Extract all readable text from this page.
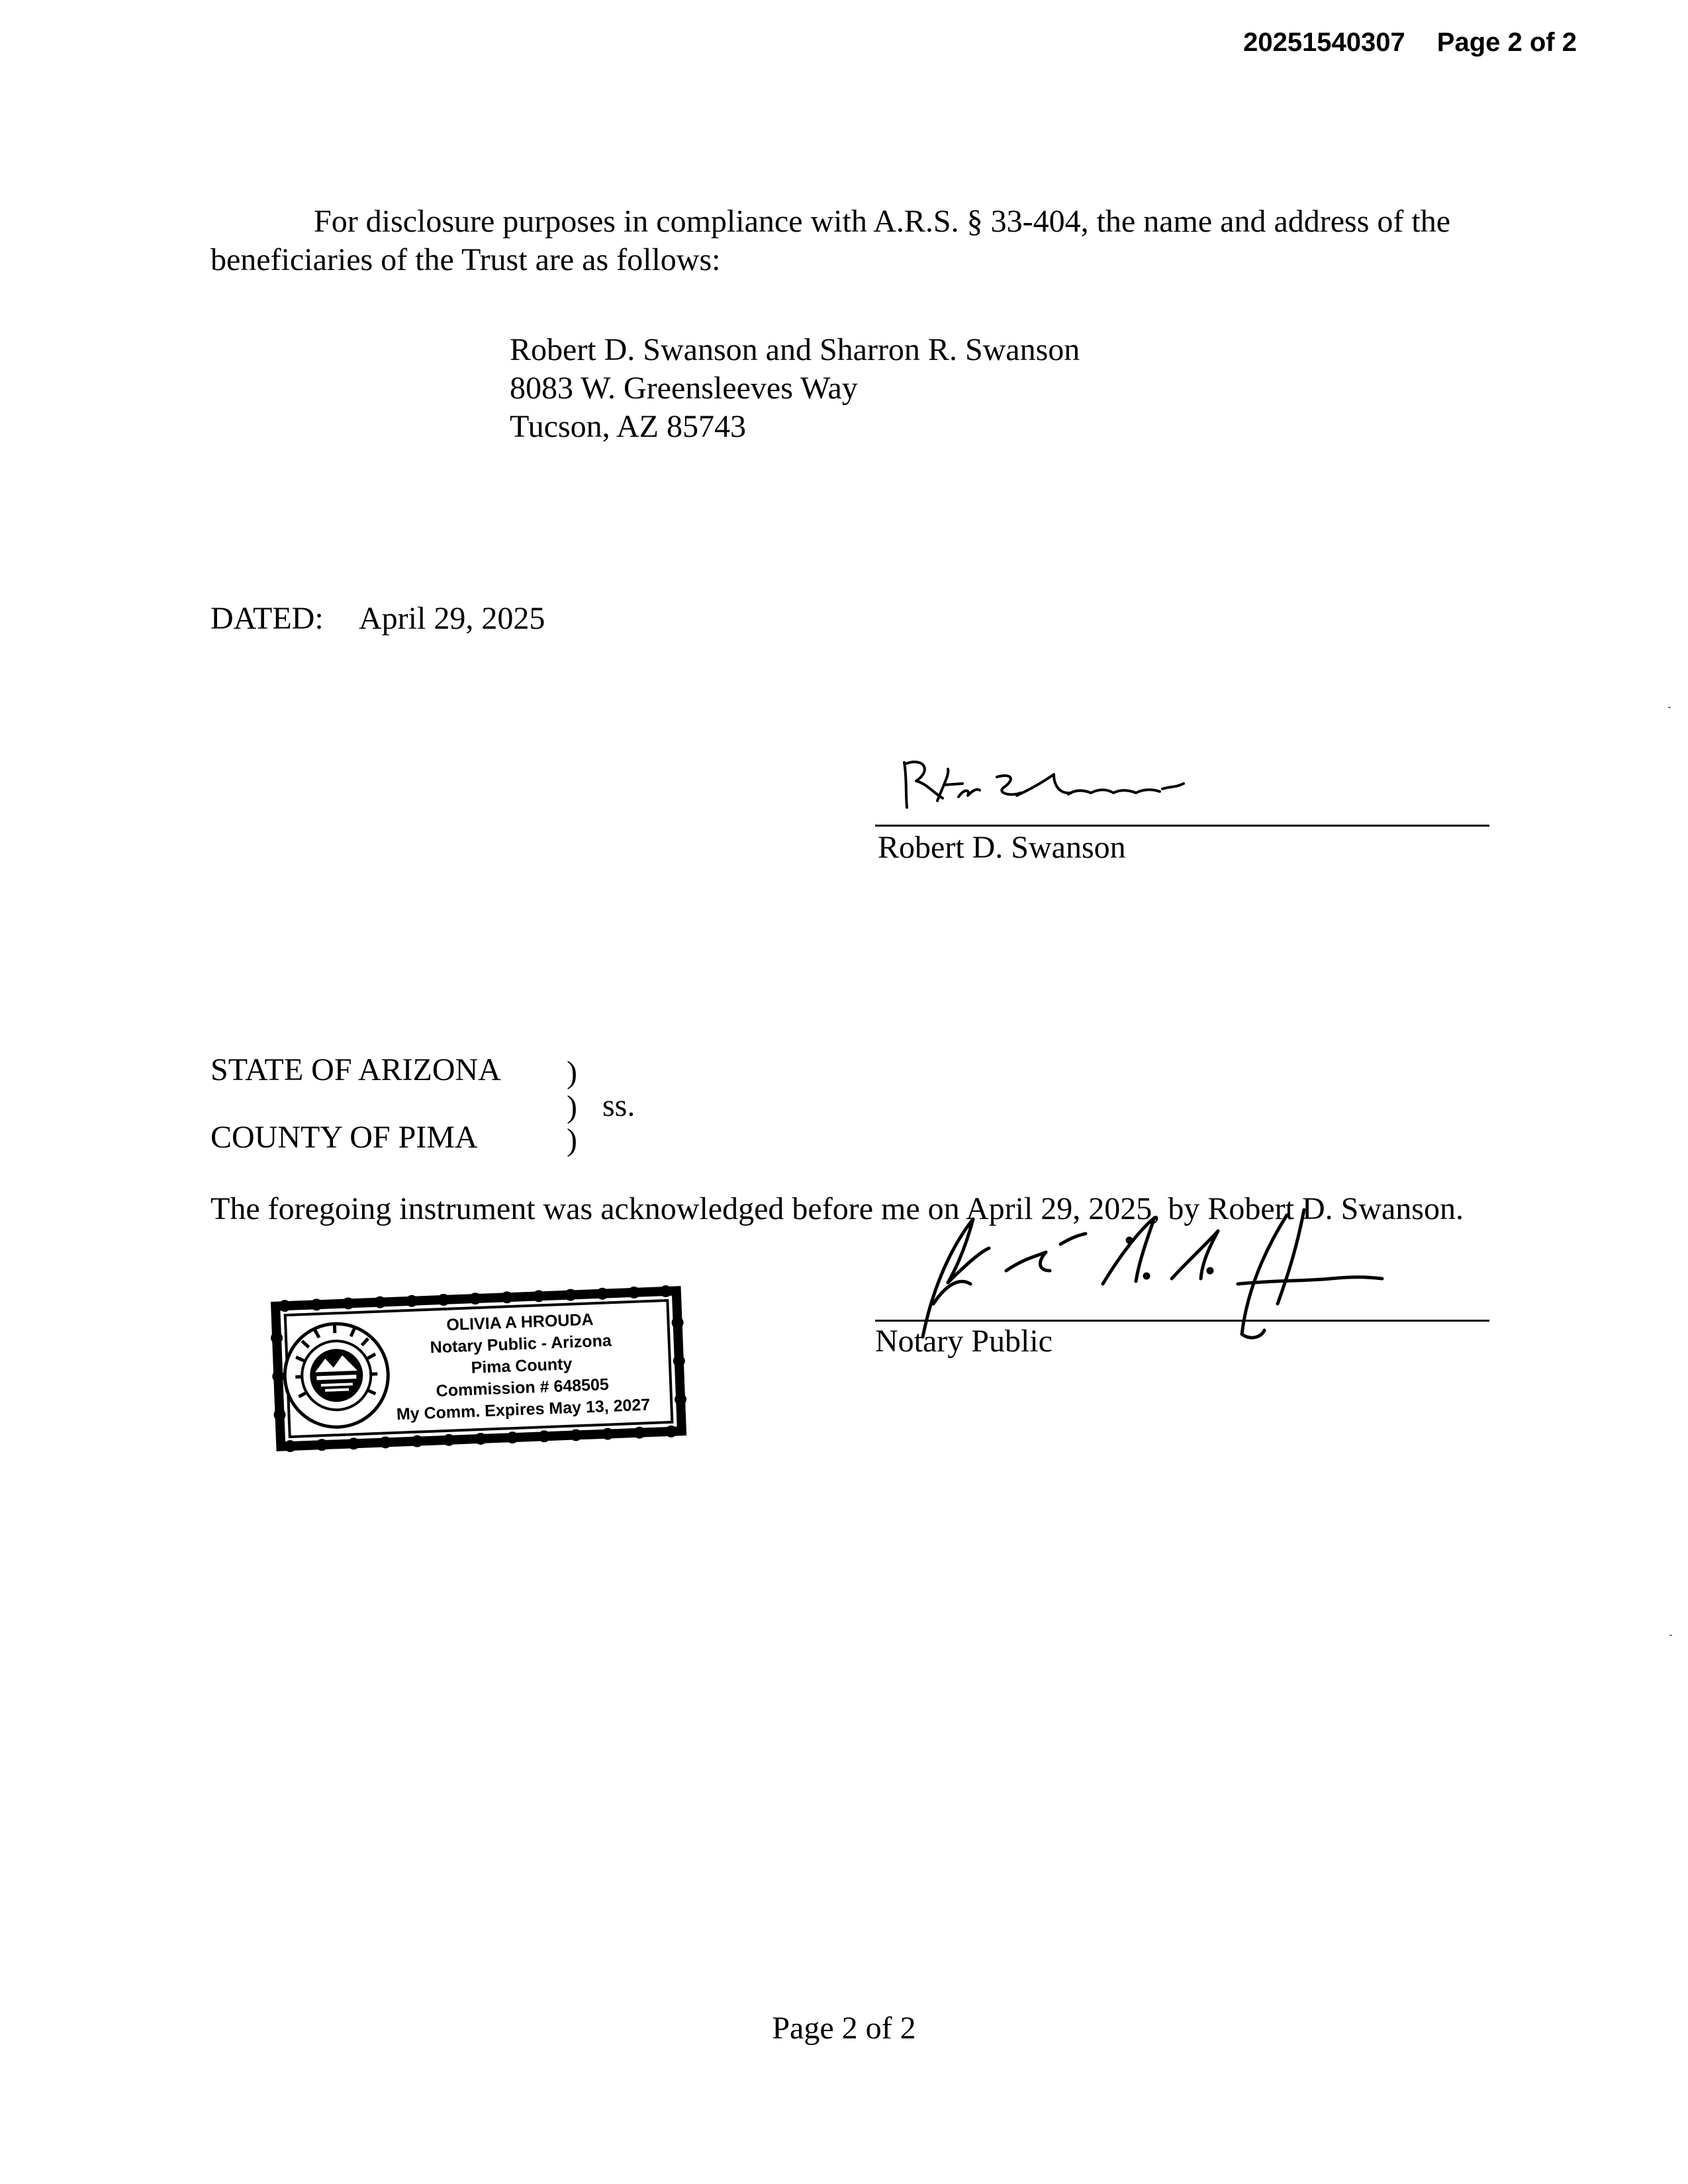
20251540307 Page 2 of 2
For disclosure purposes in compliance with A.R.S. § 33-404, the name and address of the
beneficiaries of the Trust are as follows:
Robert D. Swanson and Sharron R. Swanson
8083 W. Greensleeves Way
Tucson, AZ 85743
DATED: April 29, 2025
Robert D. Swanson
STATE OF ARIZONA )
) ss.
COUNTY OF PIMA	)
The foregoing instrument was acknowledged before me on April 29, 2025, by Robert D. Swanson.
OLIVIA A HROUDA
Notary Public - Arizona
Pima County
Commission # 648505
My Comm. Expires May 13, 2027
Notary Public
Page 2 of 2
